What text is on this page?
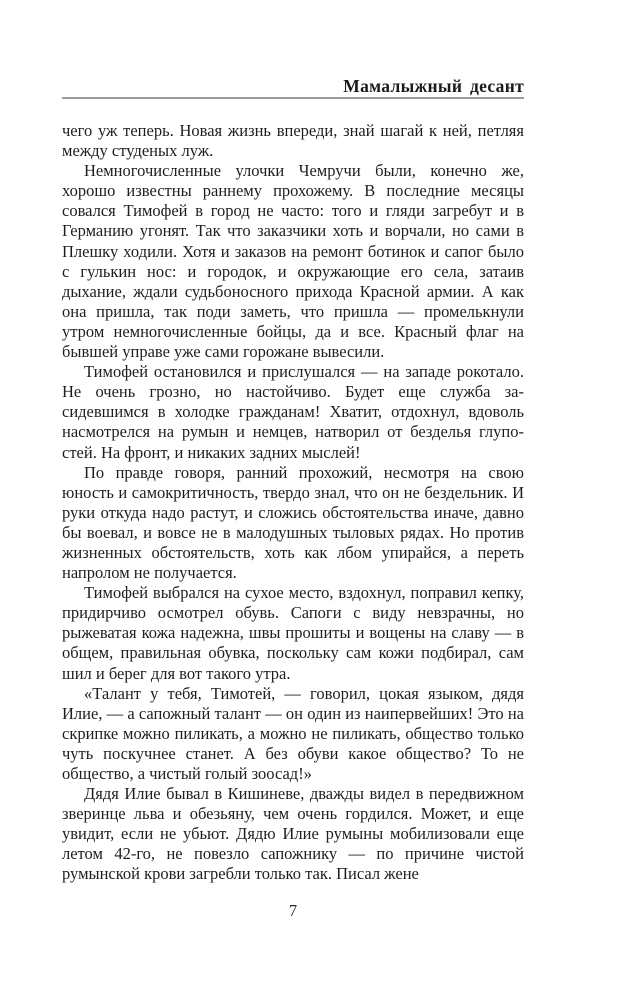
Мамалыжный десант

чего уж теперь. Новая жизнь впереди, знай шагай к ней, петляя между студеных луж.

Немногочисленные улочки Чемручи были, конечно же, хорошо известны раннему прохожему. В последние месяцы совался Тимофей в город не часто: того и гляди загребут и в Германию угонят. Так что заказчики хоть и ворчали, но сами в Плешку ходили. Хотя и заказов на ремонт ботинок и сапог было с гулькин нос: и городок, и окружающие его села, затаив дыхание, ждали судьбоносного прихода Красной армии. А как она пришла, так поди заметь, что пришла — промелькнули утром немногочисленные бойцы, да и все. Красный флаг на бывшей управе уже сами горожане вывесили.

Тимофей остановился и прислушался — на западе рокотало. Не очень грозно, но настойчиво. Будет еще служба засидевшимся в холодке гражданам! Хватит, отдохнул, вдоволь насмотрелся на румын и немцев, натворил от безделья глупостей. На фронт, и никаких задних мыслей!

По правде говоря, ранний прохожий, несмотря на свою юность и самокритичность, твердо знал, что он не бездельник. И руки откуда надо растут, и сложись обстоятельства иначе, давно бы воевал, и вовсе не в малодушных тыловых рядах. Но против жизненных обстоятельств, хоть как лбом упирайся, а переть напролом не получается.

Тимофей выбрался на сухое место, вздохнул, поправил кепку, придирчиво осмотрел обувь. Сапоги с виду невзрачны, но рыжеватая кожа надежна, швы прошиты и вощены на славу — в общем, правильная обувка, поскольку сам кожи подбирал, сам шил и берег для вот такого утра.

«Талант у тебя, Тимотей, — говорил, цокая языком, дядя Илие, — а сапожный талант — он один из наипервейших! Это на скрипке можно пиликать, а можно не пиликать, общество только чуть поскучнее станет. А без обуви какое общество? То не общество, а чистый голый зоосад!»

Дядя Илие бывал в Кишиневе, дважды видел в передвижном зверинце льва и обезьяну, чем очень гордился. Может, и еще увидит, если не убьют. Дядю Илие румыны мобилизовали еще летом 42-го, не повезло сапожнику — по причине чистой румынской крови загребли только так. Писал жене

7
